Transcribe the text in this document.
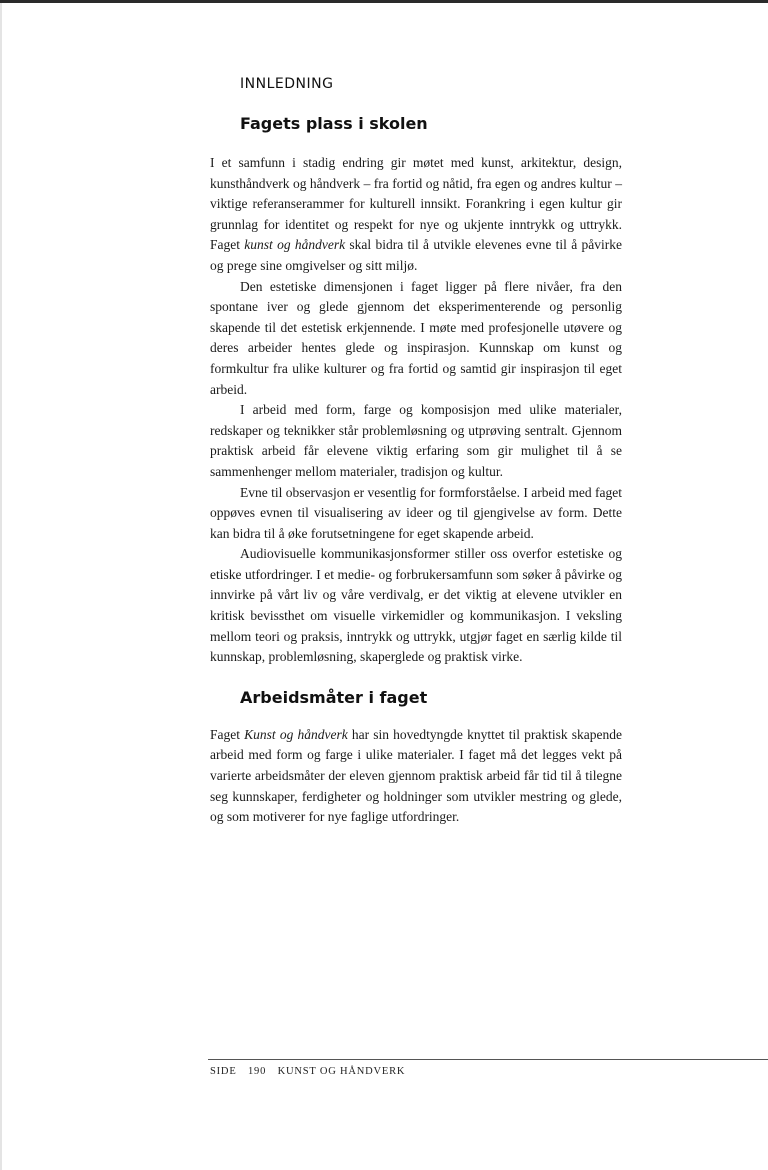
INNLEDNING
Fagets plass i skolen

I et samfunn i stadig endring gir møtet med kunst, arkitektur, design, kunsthåndverk og håndverk – fra fortid og nåtid, fra egen og andres kultur – viktige referanserammer for kulturell innsikt. Forankring i egen kultur gir grunnlag for identitet og respekt for nye og ukjente inntrykk og uttrykk. Faget kunst og håndverk skal bidra til å utvikle elevenes evne til å påvirke og prege sine omgivelser og sitt miljø.

Den estetiske dimensjonen i faget ligger på flere nivåer, fra den spontane iver og glede gjennom det eksperimenterende og personlig skapende til det estetisk erkjennende. I møte med profesjonelle utøvere og deres arbeider hentes glede og inspirasjon. Kunnskap om kunst og formkultur fra ulike kulturer og fra fortid og samtid gir inspirasjon til eget arbeid.

I arbeid med form, farge og komposisjon med ulike materialer, redskaper og teknikker står problemløsning og utprøving sentralt. Gjennom praktisk arbeid får elevene viktig erfaring som gir mulighet til å se sammenhenger mellom materialer, tradisjon og kultur.

Evne til observasjon er vesentlig for formforståelse. I arbeid med faget oppøves evnen til visualisering av ideer og til gjengivelse av form. Dette kan bidra til å øke forutsetningene for eget skapende arbeid.

Audiovisuelle kommunikasjonsformer stiller oss overfor estetiske og etiske utfordringer. I et medie- og forbrukersamfunn som søker å påvirke og innvirke på vårt liv og våre verdivalg, er det viktig at elevene utvikler en kritisk bevissthet om visuelle virkemidler og kommunikasjon. I veksling mellom teori og praksis, inntrykk og uttrykk, utgjør faget en særlig kilde til kunnskap, problemløsning, skaperglede og praktisk virke.

Arbeidsmåter i faget

Faget Kunst og håndverk har sin hovedtyngde knyttet til praktisk skapende arbeid med form og farge i ulike materialer. I faget må det legges vekt på varierte arbeidsmåter der eleven gjennom praktisk arbeid får tid til å tilegne seg kunnskaper, ferdigheter og holdninger som utvikler mestring og glede, og som motiverer for nye faglige utfordringer.

SIDE 190 KUNST OG HÅNDVERK
